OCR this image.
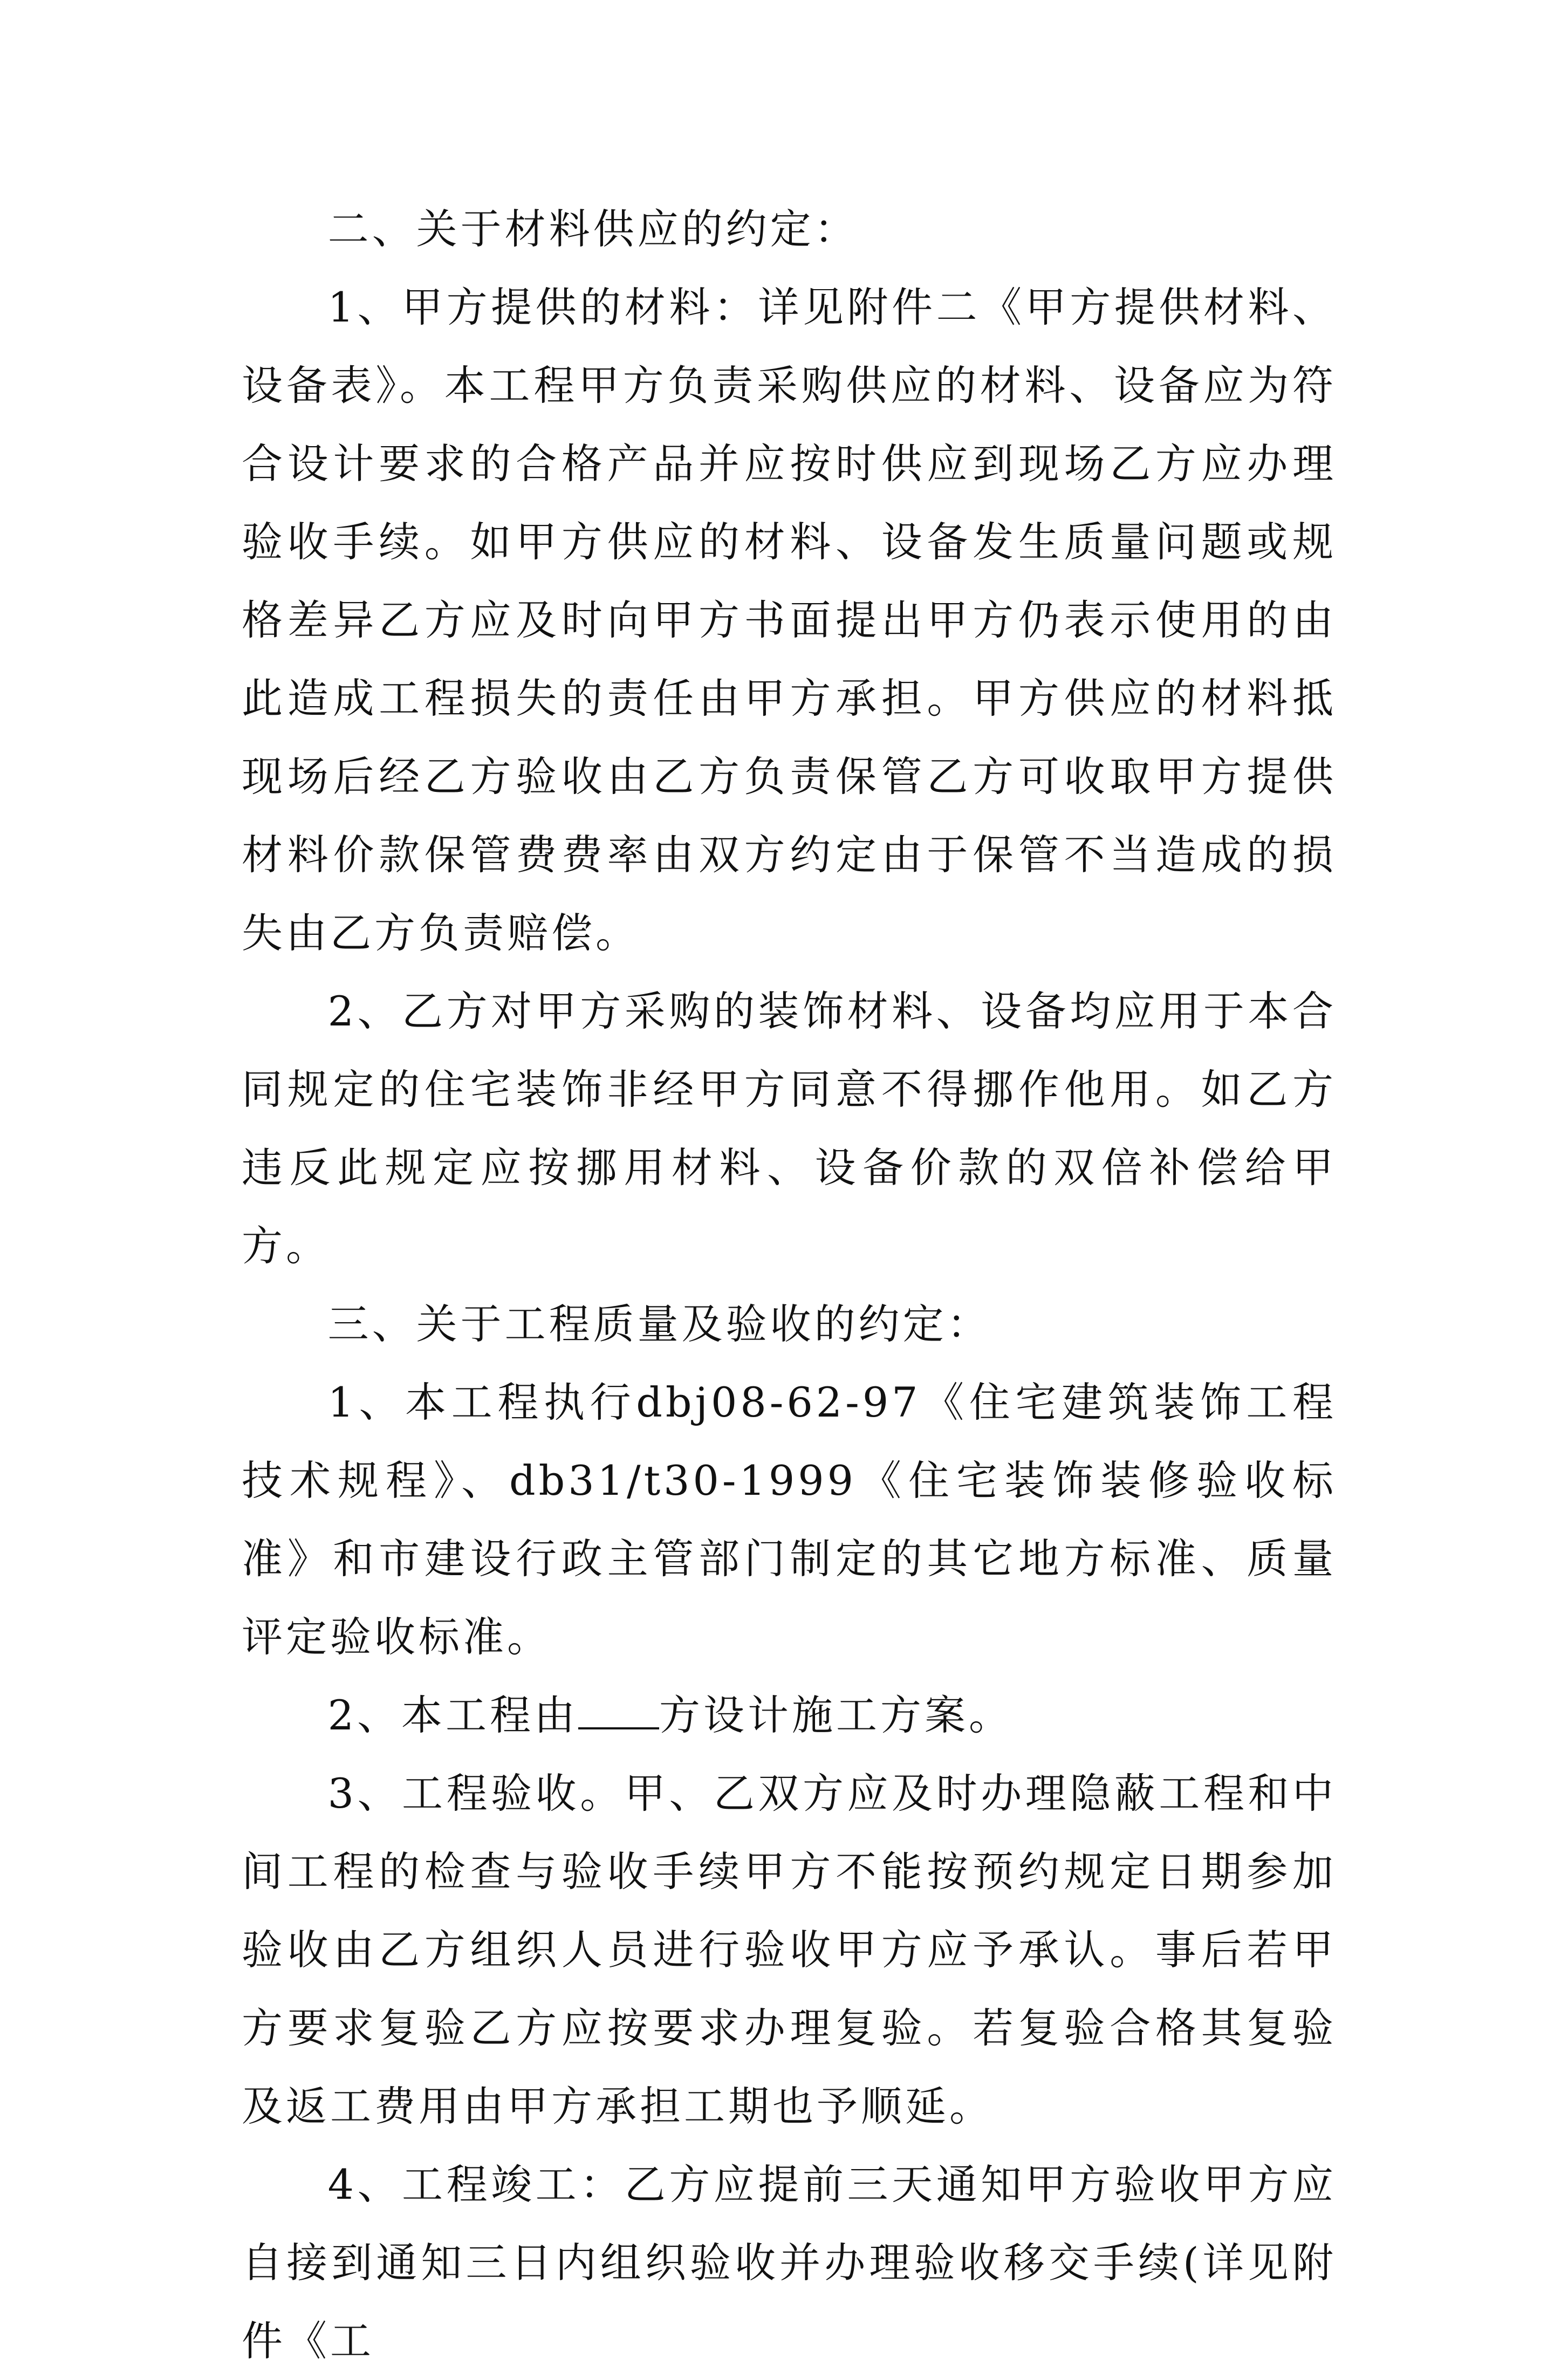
二、关于材料供应的约定：

1、甲方提供的材料：详见附件二《甲方提供材料、设备表》。本工程甲方负责采购供应的材料、设备应为符合设计要求的合格产品并应按时供应到现场乙方应办理验收手续。如甲方供应的材料、设备发生质量问题或规格差异乙方应及时向甲方书面提出甲方仍表示使用的由此造成工程损失的责任由甲方承担。甲方供应的材料抵现场后经乙方验收由乙方负责保管乙方可收取甲方提供材料价款保管费费率由双方约定由于保管不当造成的损失由乙方负责赔偿。

2、乙方对甲方采购的装饰材料、设备均应用于本合同规定的住宅装饰非经甲方同意不得挪作他用。如乙方违反此规定应按挪用材料、设备价款的双倍补偿给甲方。

三、关于工程质量及验收的约定：

1、本工程执行dbj08-62-97《住宅建筑装饰工程技术规程》、db31/t30-1999《住宅装饰装修验收标准》和市建设行政主管部门制定的其它地方标准、质量评定验收标准。

2、本工程由 方设计施工方案。

3、工程验收。甲、乙双方应及时办理隐蔽工程和中间工程的检查与验收手续甲方不能按预约规定日期参加验收由乙方组织人员进行验收甲方应予承认。事后若甲方要求复验乙方应按要求办理复验。若复验合格其复验及返工费用由甲方承担工期也予顺延。

4、工程竣工：乙方应提前三天通知甲方验收甲方应自接到通知三日内组织验收并办理验收移交手续(详见附件《工
